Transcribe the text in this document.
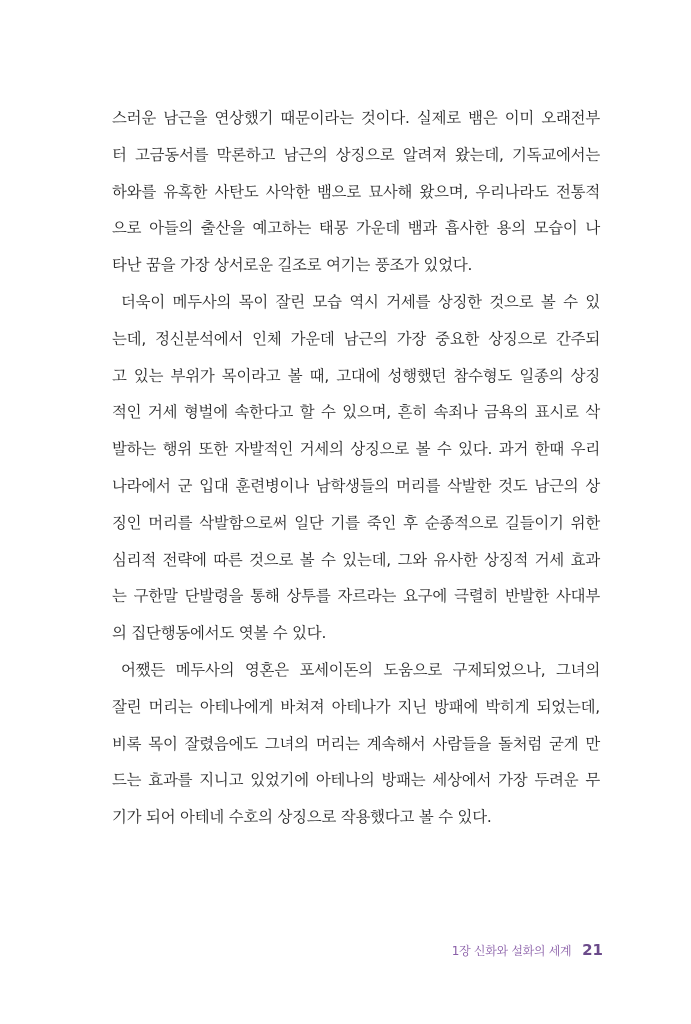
스러운 남근을 연상했기 때문이라는 것이다. 실제로 뱀은 이미 오래전부
터 고금동서를 막론하고 남근의 상징으로 알려져 왔는데, 기독교에서는
하와를 유혹한 사탄도 사악한 뱀으로 묘사해 왔으며, 우리나라도 전통적
으로 아들의 출산을 예고하는 태몽 가운데 뱀과 흡사한 용의 모습이 나
타난 꿈을 가장 상서로운 길조로 여기는 풍조가 있었다.

더욱이 메두사의 목이 잘린 모습 역시 거세를 상징한 것으로 볼 수 있
는데, 정신분석에서 인체 가운데 남근의 가장 중요한 상징으로 간주되
고 있는 부위가 목이라고 볼 때, 고대에 성행했던 참수형도 일종의 상징
적인 거세 형벌에 속한다고 할 수 있으며, 흔히 속죄나 금욕의 표시로 삭
발하는 행위 또한 자발적인 거세의 상징으로 볼 수 있다. 과거 한때 우리
나라에서 군 입대 훈련병이나 남학생들의 머리를 삭발한 것도 남근의 상
징인 머리를 삭발함으로써 일단 기를 죽인 후 순종적으로 길들이기 위한
심리적 전략에 따른 것으로 볼 수 있는데, 그와 유사한 상징적 거세 효과
는 구한말 단발령을 통해 상투를 자르라는 요구에 극렬히 반발한 사대부
의 집단행동에서도 엿볼 수 있다.

어쨌든 메두사의 영혼은 포세이돈의 도움으로 구제되었으나, 그녀의
잘린 머리는 아테나에게 바쳐져 아테나가 지닌 방패에 박히게 되었는데,
비록 목이 잘렸음에도 그녀의 머리는 계속해서 사람들을 돌처럼 굳게 만
드는 효과를 지니고 있었기에 아테나의 방패는 세상에서 가장 두려운 무
기가 되어 아테네 수호의 상징으로 작용했다고 볼 수 있다.

1장 신화와 설화의 세계 21
